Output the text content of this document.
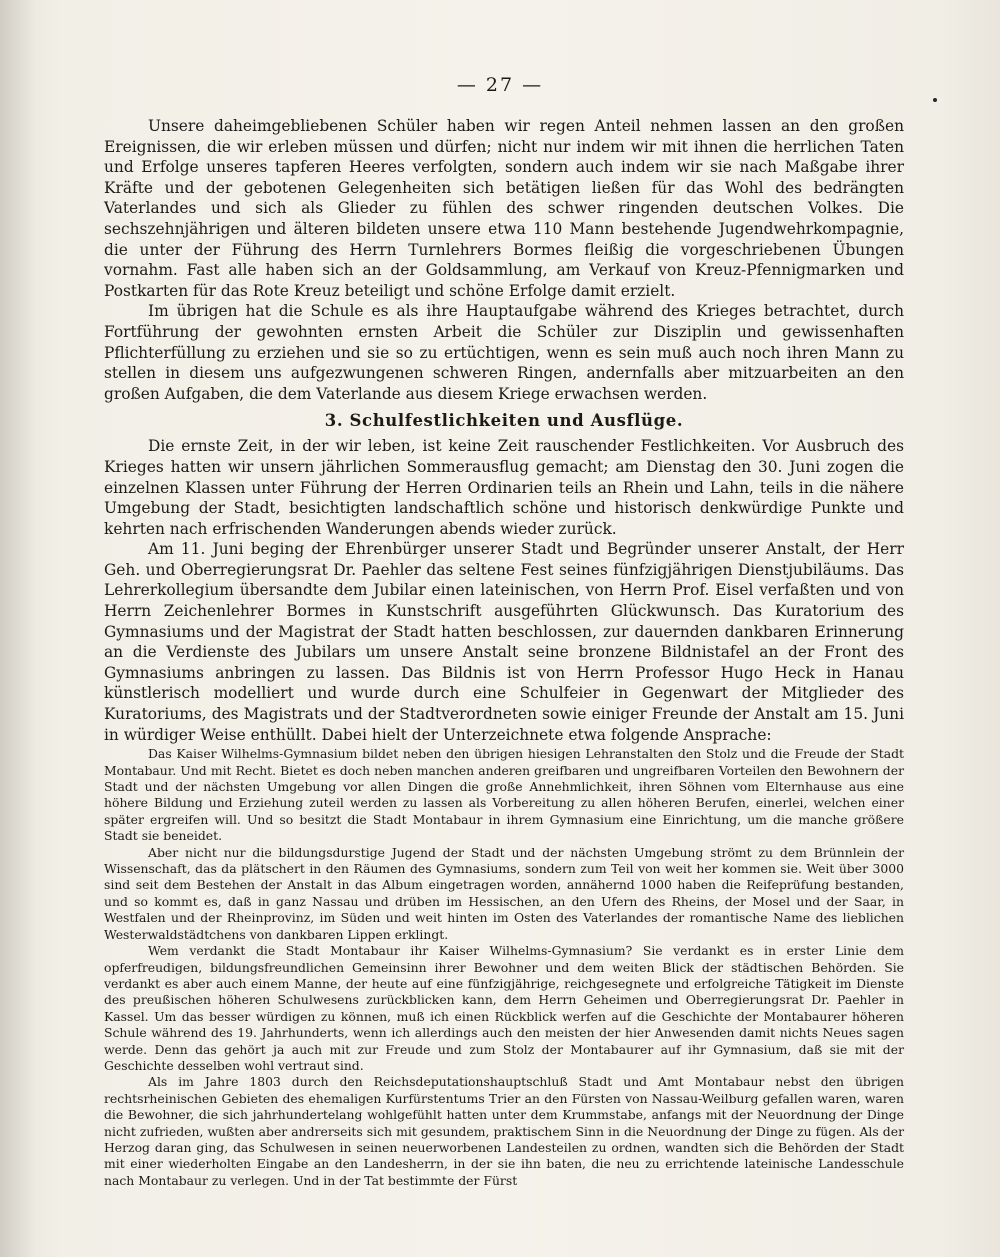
— 27 —

Unsere daheimgebliebenen Schüler haben wir regen Anteil nehmen lassen an den großen Ereignissen, die wir erleben müssen und dürfen; nicht nur indem wir mit ihnen die herrlichen Taten und Erfolge unseres tapferen Heeres verfolgten, sondern auch indem wir sie nach Maßgabe ihrer Kräfte und der gebotenen Gelegenheiten sich betätigen ließen für das Wohl des bedrängten Vaterlandes und sich als Glieder zu fühlen des schwer ringenden deutschen Volkes. Die sechszehnjährigen und älteren bildeten unsere etwa 110 Mann bestehende Jugendwehrkompagnie, die unter der Führung des Herrn Turnlehrers Bormes fleißig die vorgeschriebenen Übungen vornahm. Fast alle haben sich an der Goldsammlung, am Verkauf von Kreuz-Pfennigmarken und Postkarten für das Rote Kreuz beteiligt und schöne Erfolge damit erzielt.

Im übrigen hat die Schule es als ihre Hauptaufgabe während des Krieges betrachtet, durch Fortführung der gewohnten ernsten Arbeit die Schüler zur Disziplin und gewissenhaften Pflichterfüllung zu erziehen und sie so zu ertüchtigen, wenn es sein muß auch noch ihren Mann zu stellen in diesem uns aufgezwungenen schweren Ringen, andernfalls aber mitzuarbeiten an den großen Aufgaben, die dem Vaterlande aus diesem Kriege erwachsen werden.

3. Schulfestlichkeiten und Ausflüge.

Die ernste Zeit, in der wir leben, ist keine Zeit rauschender Festlichkeiten. Vor Ausbruch des Krieges hatten wir unsern jährlichen Sommerausflug gemacht; am Dienstag den 30. Juni zogen die einzelnen Klassen unter Führung der Herren Ordinarien teils an Rhein und Lahn, teils in die nähere Umgebung der Stadt, besichtigten landschaftlich schöne und historisch denkwürdige Punkte und kehrten nach erfrischenden Wanderungen abends wieder zurück.

Am 11. Juni beging der Ehrenbürger unserer Stadt und Begründer unserer Anstalt, der Herr Geh. und Oberregierungsrat Dr. Paehler das seltene Fest seines fünfzigjährigen Dienstjubiläums. Das Lehrerkollegium übersandte dem Jubilar einen lateinischen, von Herrn Prof. Eisel verfaßten und von Herrn Zeichenlehrer Bormes in Kunstschrift ausgeführten Glückwunsch. Das Kuratorium des Gymnasiums und der Magistrat der Stadt hatten beschlossen, zur dauernden dankbaren Erinnerung an die Verdienste des Jubilars um unsere Anstalt seine bronzene Bildnistafel an der Front des Gymnasiums anbringen zu lassen. Das Bildnis ist von Herrn Professor Hugo Heck in Hanau künstlerisch modelliert und wurde durch eine Schulfeier in Gegenwart der Mitglieder des Kuratoriums, des Magistrats und der Stadtverordneten sowie einiger Freunde der Anstalt am 15. Juni in würdiger Weise enthüllt. Dabei hielt der Unterzeichnete etwa folgende Ansprache:

Das Kaiser Wilhelms-Gymnasium bildet neben den übrigen hiesigen Lehranstalten den Stolz und die Freude der Stadt Montabaur. Und mit Recht. Bietet es doch neben manchen anderen greifbaren und ungreifbaren Vorteilen den Bewohnern der Stadt und der nächsten Umgebung vor allen Dingen die große Annehmlichkeit, ihren Söhnen vom Elternhause aus eine höhere Bildung und Erziehung zuteil werden zu lassen als Vorbereitung zu allen höheren Berufen, einerlei, welchen einer später ergreifen will. Und so besitzt die Stadt Montabaur in ihrem Gymnasium eine Einrichtung, um die manche größere Stadt sie beneidet.

Aber nicht nur die bildungsdurstige Jugend der Stadt und der nächsten Umgebung strömt zu dem Brünnlein der Wissenschaft, das da plätschert in den Räumen des Gymnasiums, sondern zum Teil von weit her kommen sie. Weit über 3000 sind seit dem Bestehen der Anstalt in das Album eingetragen worden, annähernd 1000 haben die Reifeprüfung bestanden, und so kommt es, daß in ganz Nassau und drüben im Hessischen, an den Ufern des Rheins, der Mosel und der Saar, in Westfalen und der Rheinprovinz, im Süden und weit hinten im Osten des Vaterlandes der romantische Name des lieblichen Westerwaldstädtchens von dankbaren Lippen erklingt.

Wem verdankt die Stadt Montabaur ihr Kaiser Wilhelms-Gymnasium? Sie verdankt es in erster Linie dem opferfreudigen, bildungsfreundlichen Gemeinsinn ihrer Bewohner und dem weiten Blick der städtischen Behörden. Sie verdankt es aber auch einem Manne, der heute auf eine fünfzigjährige, reichgesegnete und erfolgreiche Tätigkeit im Dienste des preußischen höheren Schulwesens zurückblicken kann, dem Herrn Geheimen und Oberregierungsrat Dr. Paehler in Kassel. Um das besser würdigen zu können, muß ich einen Rückblick werfen auf die Geschichte der Montabaurer höheren Schule während des 19. Jahrhunderts, wenn ich allerdings auch den meisten der hier Anwesenden damit nichts Neues sagen werde. Denn das gehört ja auch mit zur Freude und zum Stolz der Montabaurer auf ihr Gymnasium, daß sie mit der Geschichte desselben wohl vertraut sind.

Als im Jahre 1803 durch den Reichsdeputationshauptschluß Stadt und Amt Montabaur nebst den übrigen rechtsrheinischen Gebieten des ehemaligen Kurfürstentums Trier an den Fürsten von Nassau-Weilburg gefallen waren, waren die Bewohner, die sich jahrhundertelang wohlgefühlt hatten unter dem Krummstabe, anfangs mit der Neuordnung der Dinge nicht zufrieden, wußten aber andrerseits sich mit gesundem, praktischem Sinn in die Neuordnung der Dinge zu fügen. Als der Herzog daran ging, das Schulwesen in seinen neuerworbenen Landesteilen zu ordnen, wandten sich die Behörden der Stadt mit einer wiederholten Eingabe an den Landesherrn, in der sie ihn baten, die neu zu errichtende lateinische Landesschule nach Montabaur zu verlegen. Und in der Tat bestimmte der Fürst
